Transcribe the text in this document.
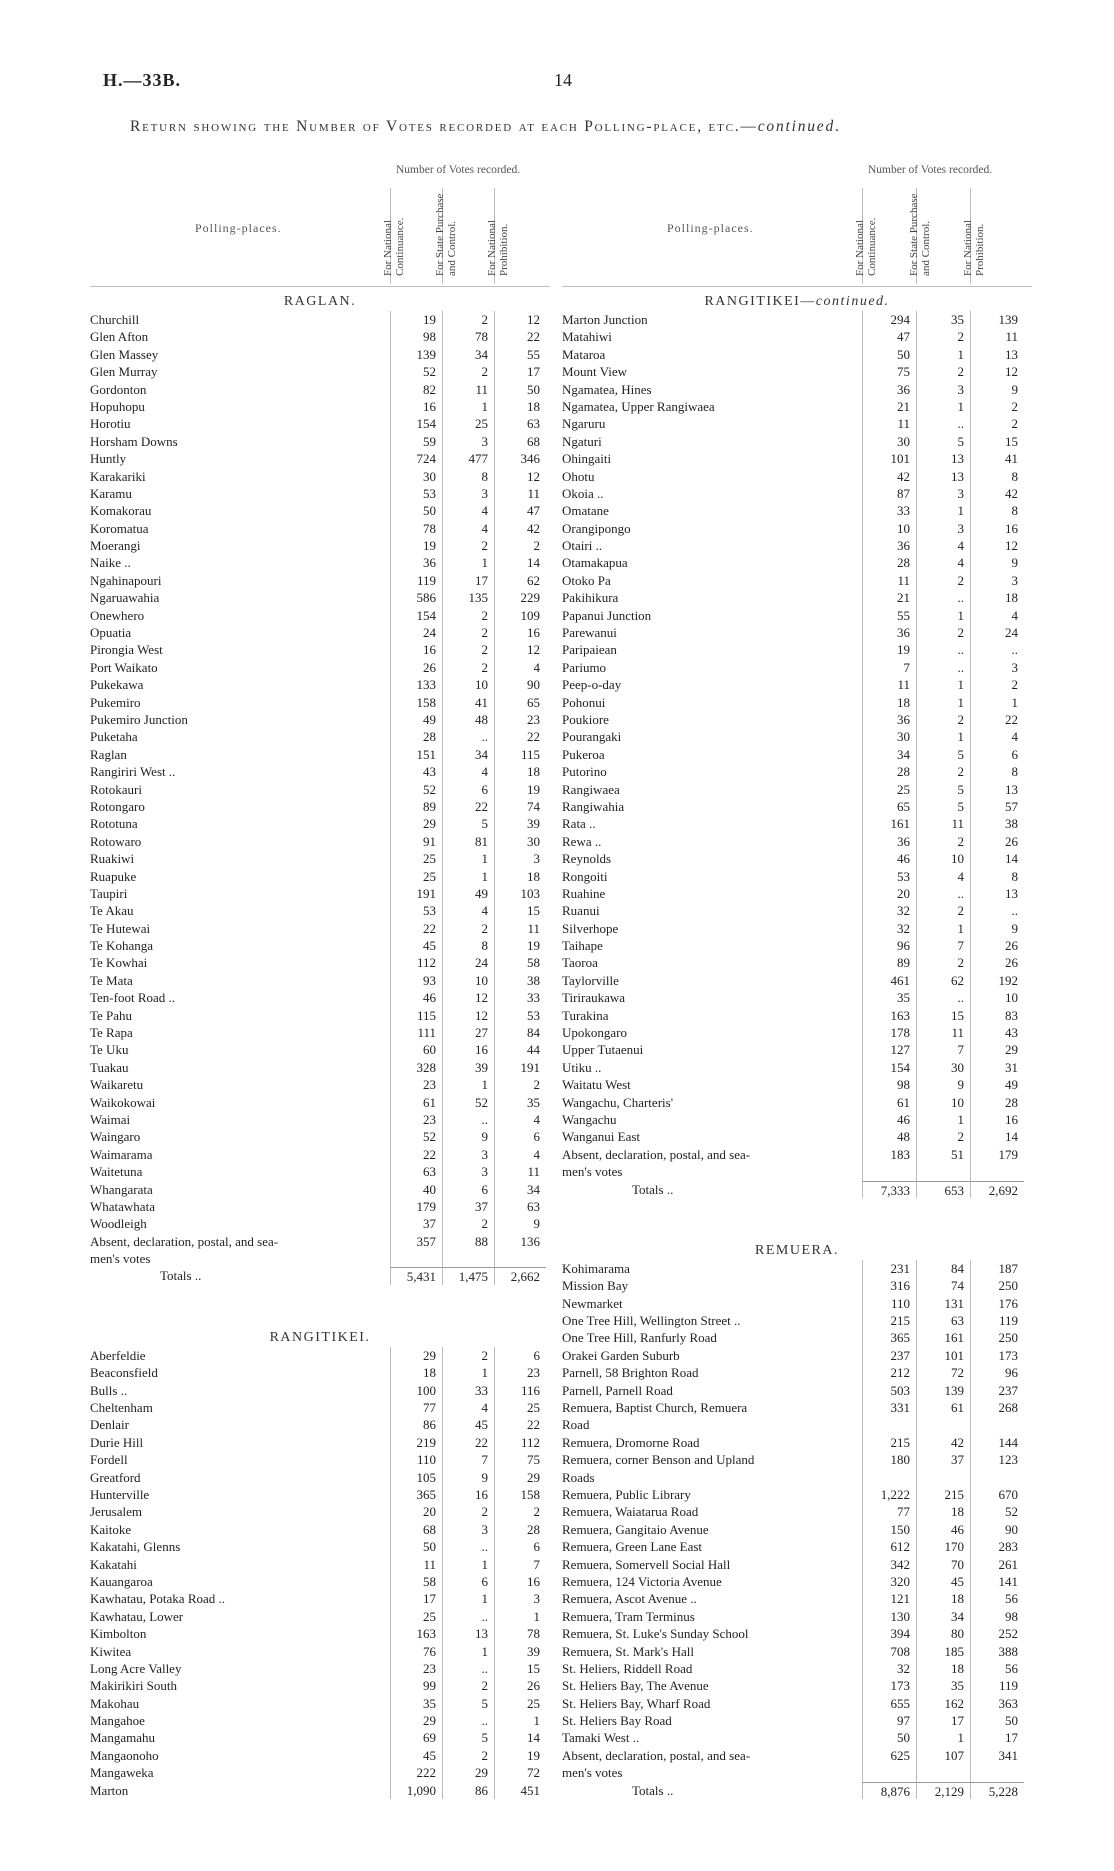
H.—33B.	14
Return showing the Number of Votes recorded at each Polling-place, etc.—continued.
Polling-places.
Number of Votes recorded.
For National Continuance.	For State Purchase and Control.	For National Prohibition.
RAGLAN.
Churchill	19	2	12
Glen Afton	98	78	22
Glen Massey	139	34	55
Glen Murray	52	2	17
Gordonton	82	11	50
Hopuhopu	16	1	18
Horotiu	154	25	63
Horsham Downs	59	3	68
Huntly	724	477	346
Karakariki	30	8	12
Karamu	53	3	11
Komakorau	50	4	47
Koromatua	78	4	42
Moerangi	19	2	2
Naike ..	36	1	14
Ngahinapouri	119	17	62
Ngaruawahia	586	135	229
Onewhero	154	2	109
Opuatia	24	2	16
Pirongia West	16	2	12
Port Waikato	26	2	4
Pukekawa	133	10	90
Pukemiro	158	41	65
Pukemiro Junction	49	48	23
Puketaha	28	..	22
Raglan	151	34	115
Rangiriri West ..	43	4	18
Rotokauri	52	6	19
Rotongaro	89	22	74
Rototuna	29	5	39
Rotowaro	91	81	30
Ruakiwi	25	1	3
Ruapuke	25	1	18
Taupiri	191	49	103
Te Akau	53	4	15
Te Hutewai	22	2	11
Te Kohanga	45	8	19
Te Kowhai	112	24	58
Te Mata	93	10	38
Ten-foot Road ..	46	12	33
Te Pahu	115	12	53
Te Rapa	111	27	84
Te Uku	60	16	44
Tuakau	328	39	191
Waikaretu	23	1	2
Waikokowai	61	52	35
Waimai	23	..	4
Waingaro	52	9	6
Waimarama	22	3	4
Waitetuna	63	3	11
Whangarata	40	6	34
Whatawhata	179	37	63
Woodleigh	37	2	9
Absent, declaration, postal, and sea-	357	88	136
men's votes
Totals ..	5,431	1,475	2,662
RANGITIKEI.
Aberfeldie	29	2	6
Beaconsfield	18	1	23
Bulls ..	100	33	116
Cheltenham	77	4	25
Denlair	86	45	22
Durie Hill	219	22	112
Fordell	110	7	75
Greatford	105	9	29
Hunterville	365	16	158
Jerusalem	20	2	2
Kaitoke	68	3	28
Kakatahi, Glenns	50	..	6
Kakatahi	11	1	7
Kauangaroa	58	6	16
Kawhatau, Potaka Road ..	17	1	3
Kawhatau, Lower	25	..	1
Kimbolton	163	13	78
Kiwitea	76	1	39
Long Acre Valley	23	..	15
Makirikiri South	99	2	26
Makohau	35	5	25
Mangahoe	29	..	1
Mangamahu	69	5	14
Mangaonoho	45	2	19
Mangaweka	222	29	72
Marton	1,090	86	451
Polling-places.
Number of Votes recorded.
For National Continuance.	For State Purchase and Control.	For National Prohibition.
RANGITIKEI—continued.
Marton Junction	294	35	139
Matahiwi	47	2	11
Mataroa	50	1	13
Mount View	75	2	12
Ngamatea, Hines	36	3	9
Ngamatea, Upper Rangiwaea	21	1	2
Ngaruru	11	..	2
Ngaturi	30	5	15
Ohingaiti	101	13	41
Ohotu	42	13	8
Okoia ..	87	3	42
Omatane	33	1	8
Orangipongo	10	3	16
Otairi ..	36	4	12
Otamakapua	28	4	9
Otoko Pa	11	2	3
Pakihikura	21	..	18
Papanui Junction	55	1	4
Parewanui	36	2	24
Paripaiean	19	..	..
Pariumo	7	..	3
Peep-o-day	11	1	2
Pohonui	18	1	1
Poukiore	36	2	22
Pourangaki	30	1	4
Pukeroa	34	5	6
Putorino	28	2	8
Rangiwaea	25	5	13
Rangiwahia	65	5	57
Rata ..	161	11	38
Rewa ..	36	2	26
Reynolds	46	10	14
Rongoiti	53	4	8
Ruahine	20	..	13
Ruanui	32	2	..
Silverhope	32	1	9
Taihape	96	7	26
Taoroa	89	2	26
Taylorville	461	62	192
Tiriraukawa	35	..	10
Turakina	163	15	83
Upokongaro	178	11	43
Upper Tutaenui	127	7	29
Utiku ..	154	30	31
Waitatu West	98	9	49
Wangachu, Charteris'	61	10	28
Wangachu	46	1	16
Wanganui East	48	2	14
Absent, declaration, postal, and sea-	183	51	179
men's votes
Totals ..	7,333	653	2,692
REMUERA.
Kohimarama	231	84	187
Mission Bay	316	74	250
Newmarket	110	131	176
One Tree Hill, Wellington Street ..	215	63	119
One Tree Hill, Ranfurly Road	365	161	250
Orakei Garden Suburb	237	101	173
Parnell, 58 Brighton Road	212	72	96
Parnell, Parnell Road	503	139	237
Remuera, Baptist Church, Remuera	331	61	268
Road
Remuera, Dromorne Road	215	42	144
Remuera, corner Benson and Upland	180	37	123
Roads
Remuera, Public Library	1,222	215	670
Remuera, Waiatarua Road	77	18	52
Remuera, Gangitaio Avenue	150	46	90
Remuera, Green Lane East	612	170	283
Remuera, Somervell Social Hall	342	70	261
Remuera, 124 Victoria Avenue	320	45	141
Remuera, Ascot Avenue ..	121	18	56
Remuera, Tram Terminus	130	34	98
Remuera, St. Luke's Sunday School	394	80	252
Remuera, St. Mark's Hall	708	185	388
St. Heliers, Riddell Road	32	18	56
St. Heliers Bay, The Avenue	173	35	119
St. Heliers Bay, Wharf Road	655	162	363
St. Heliers Bay Road	97	17	50
Tamaki West ..	50	1	17
Absent, declaration, postal, and sea-	625	107	341
men's votes
Totals ..	8,876	2,129	5,228
